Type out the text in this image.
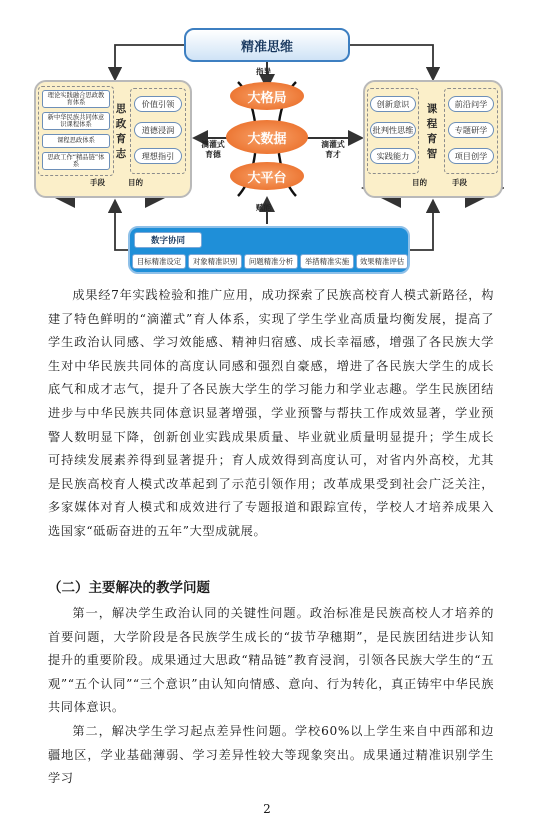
精准思维
理论实践融合思政教育体系
新中华民族共同体意识课程体系
课程思政体系
思政工作“精品链”体系
思政育志
价值引领
道德浸润
理想指引
手段	目的
指导
大格局
大数据
大平台
赋能
滴灌式
育德
滴灌式
育才
创新意识
批判性思维
实践能力
课程育智
前沿问学
专题研学
项目创学
目的	手段
数字协同
目标精准设定	对象精准识别	问题精准分析	举措精准实施	效果精准评估
成果经7年实践检验和推广应用，成功探索了民族高校育人模式新路径，构建了特色鲜明的“滴灌式”育人体系，实现了学生学业高质量均衡发展，提高了学生政治认同感、学习效能感、精神归宿感、成长幸福感，增强了各民族大学生对中华民族共同体的高度认同感和强烈自豪感，增进了各民族大学生的成长底气和成才志气，提升了各民族大学生的学习能力和学业志趣。学生民族团结进步与中华民族共同体意识显著增强，学业预警与帮扶工作成效显著，学业预警人数明显下降，创新创业实践成果质量、毕业就业质量明显提升；学生成长可持续发展素养得到显著提升；育人成效得到高度认可，对省内外高校，尤其是民族高校育人模式改革起到了示范引领作用；改革成果受到社会广泛关注，多家媒体对育人模式和成效进行了专题报道和跟踪宣传，学校人才培养成果入选国家“砥砺奋进的五年”大型成就展。
（二）主要解决的教学问题
第一，解决学生政治认同的关键性问题。政治标准是民族高校人才培养的首要问题，大学阶段是各民族学生成长的“拔节孕穗期”，是民族团结进步认知提升的重要阶段。成果通过大思政“精品链”教育浸润，引领各民族大学生的“五观”“五个认同”“三个意识”由认知向情感、意向、行为转化，真正铸牢中华民族共同体意识。
第二，解决学生学习起点差异性问题。学校60%以上学生来自中西部和边疆地区，学业基础薄弱、学习差异性较大等现象突出。成果通过精准识别学生学习
2
